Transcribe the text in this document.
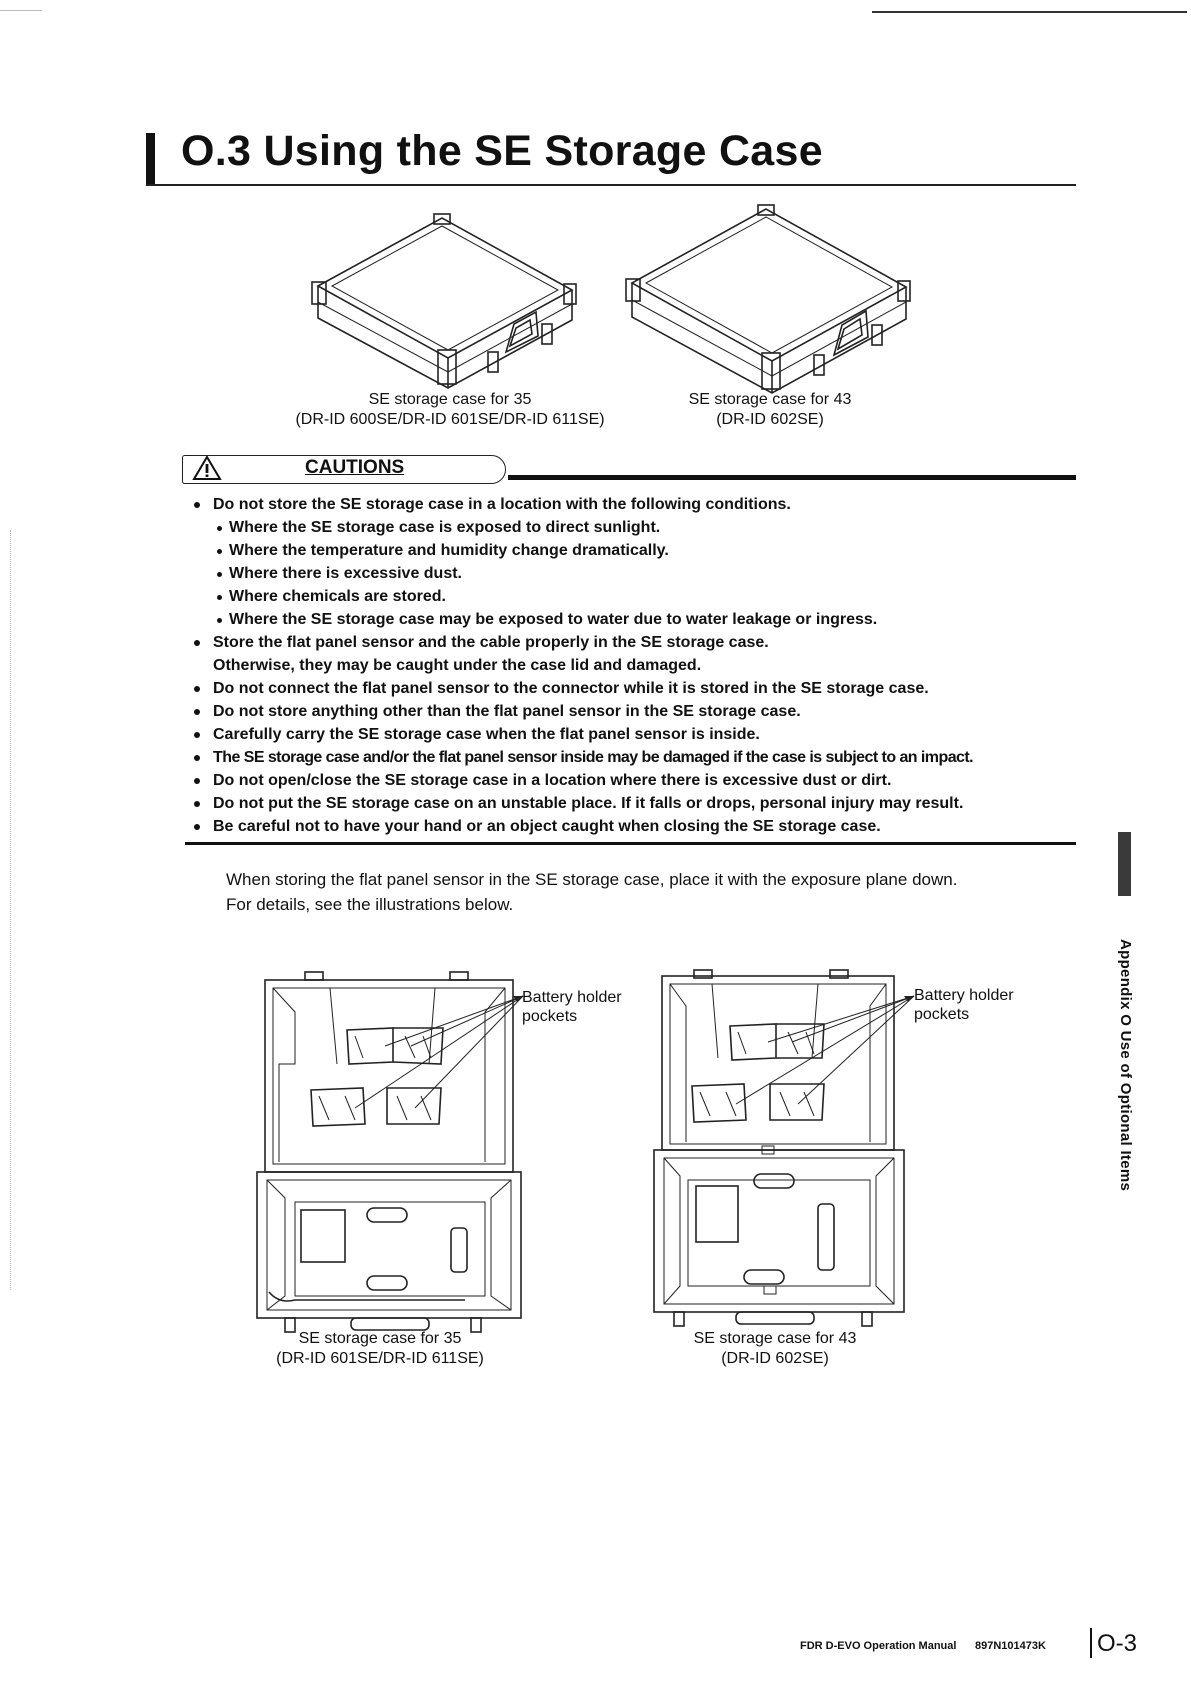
O.3 Using the SE Storage Case
SE storage case for 35
(DR-ID 600SE/DR-ID 601SE/DR-ID 611SE)
SE storage case for 43
(DR-ID 602SE)
CAUTIONS
Do not store the SE storage case in a location with the following conditions.
Where the SE storage case is exposed to direct sunlight.
Where the temperature and humidity change dramatically.
Where there is excessive dust.
Where chemicals are stored.
Where the SE storage case may be exposed to water due to water leakage or ingress.
Store the flat panel sensor and the cable properly in the SE storage case.
Otherwise, they may be caught under the case lid and damaged.
Do not connect the flat panel sensor to the connector while it is stored in the SE storage case.
Do not store anything other than the flat panel sensor in the SE storage case.
Carefully carry the SE storage case when the flat panel sensor is inside.
The SE storage case and/or the flat panel sensor inside may be damaged if the case is subject to an impact.
Do not open/close the SE storage case in a location where there is excessive dust or dirt.
Do not put the SE storage case on an unstable place. If it falls or drops, personal injury may result.
Be careful not to have your hand or an object caught when closing the SE storage case.
When storing the flat panel sensor in the SE storage case, place it with the exposure plane down.
For details, see the illustrations below.
Battery holder
pockets
Battery holder
pockets
SE storage case for 35
(DR-ID 601SE/DR-ID 611SE)
SE storage case for 43
(DR-ID 602SE)
Appendix O Use of Optional Items
FDR D-EVO Operation Manual 897N101473K O-3
